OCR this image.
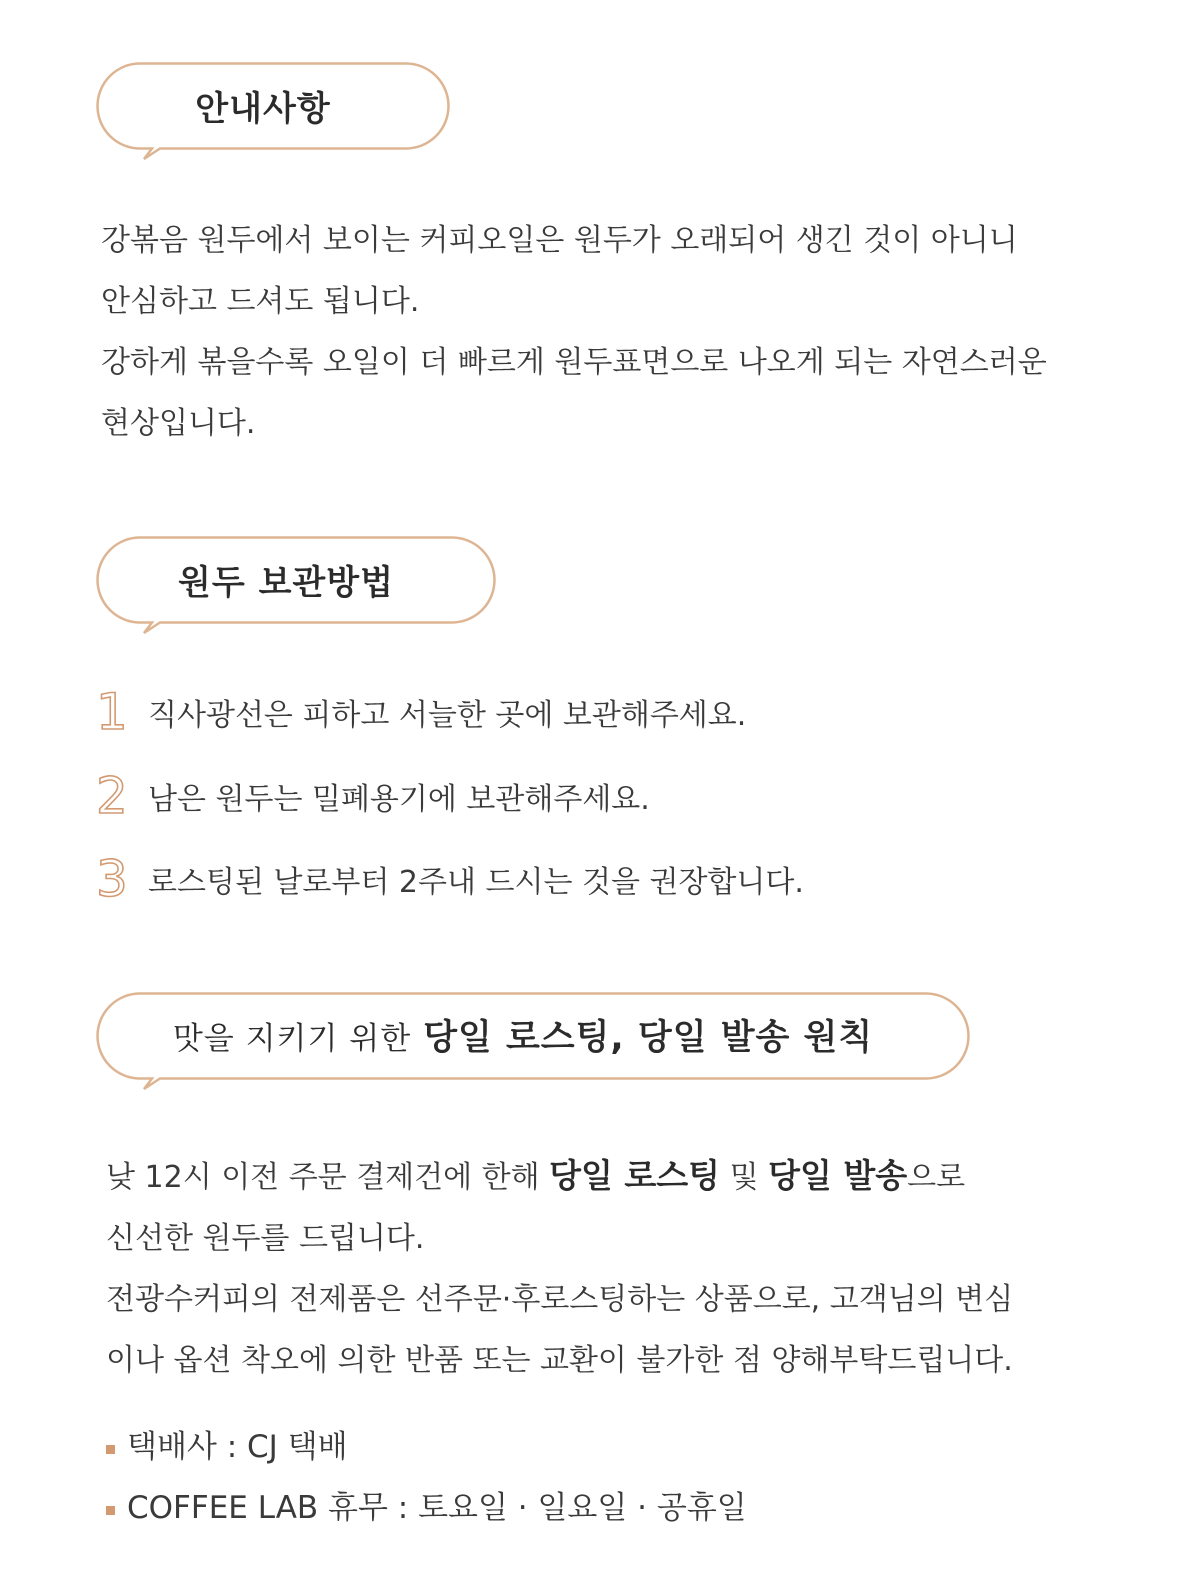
안내사항

강볶음 원두에서 보이는 커피오일은 원두가 오래되어 생긴 것이 아니니

안심하고 드셔도 됩니다.

강하게 볶을수록 오일이 더 빠르게 원두표면으로 나오게 되는 자연스러운

현상입니다.

원두 보관방법
1 직사광선은 피하고 서늘한 곳에 보관해주세요.
2 남은 원두는 밀폐용기에 보관해주세요.
3 로스팅된 날로부터 2주내 드시는 것을 권장합니다.
맛을 지키기 위한 당일 로스팅, 당일 발송 원칙

낮 12시 이전 주문 결제건에 한해 당일 로스팅 및 당일 발송으로

신선한 원두를 드립니다.

전광수커피의 전제품은 선주문·후로스팅하는 상품으로, 고객님의 변심

이나 옵션 착오에 의한 반품 또는 교환이 불가한 점 양해부탁드립니다.

택배사 : CJ 택배
COFFEE LAB 휴무 : 토요일 · 일요일 · 공휴일
